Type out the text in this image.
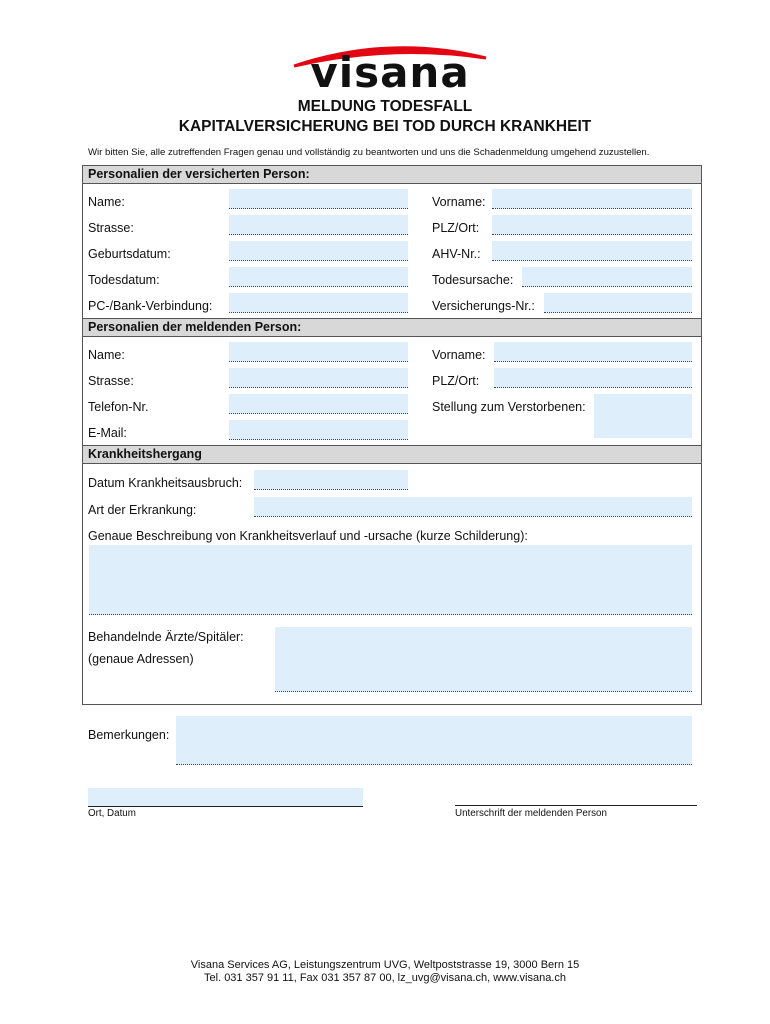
visana
MELDUNG TODESFALL
KAPITALVERSICHERUNG BEI TOD DURCH KRANKHEIT
Wir bitten Sie, alle zutreffenden Fragen genau und vollständig zu beantworten und uns die Schadenmeldung umgehend zuzustellen.
Personalien der versicherten Person:
Name:	Vorname:
Strasse:	PLZ/Ort:
Geburtsdatum:	AHV-Nr.:
Todesdatum:	Todesursache:
PC-/Bank-Verbindung:	Versicherungs-Nr.:
Personalien der meldenden Person:
Name:	Vorname:
Strasse:	PLZ/Ort:
Telefon-Nr.	Stellung zum Verstorbenen:
E-Mail:
Krankheitshergang
Datum Krankheitsausbruch:
Art der Erkrankung:
Genaue Beschreibung von Krankheitsverlauf und -ursache (kurze Schilderung):
Behandelnde Ärzte/Spitäler:
(genaue Adressen)
Bemerkungen:
Ort, Datum	Unterschrift der meldenden Person
Visana Services AG, Leistungszentrum UVG, Weltpoststrasse 19, 3000 Bern 15
Tel. 031 357 91 11, Fax 031 357 87 00, lz_uvg@visana.ch, www.visana.ch
